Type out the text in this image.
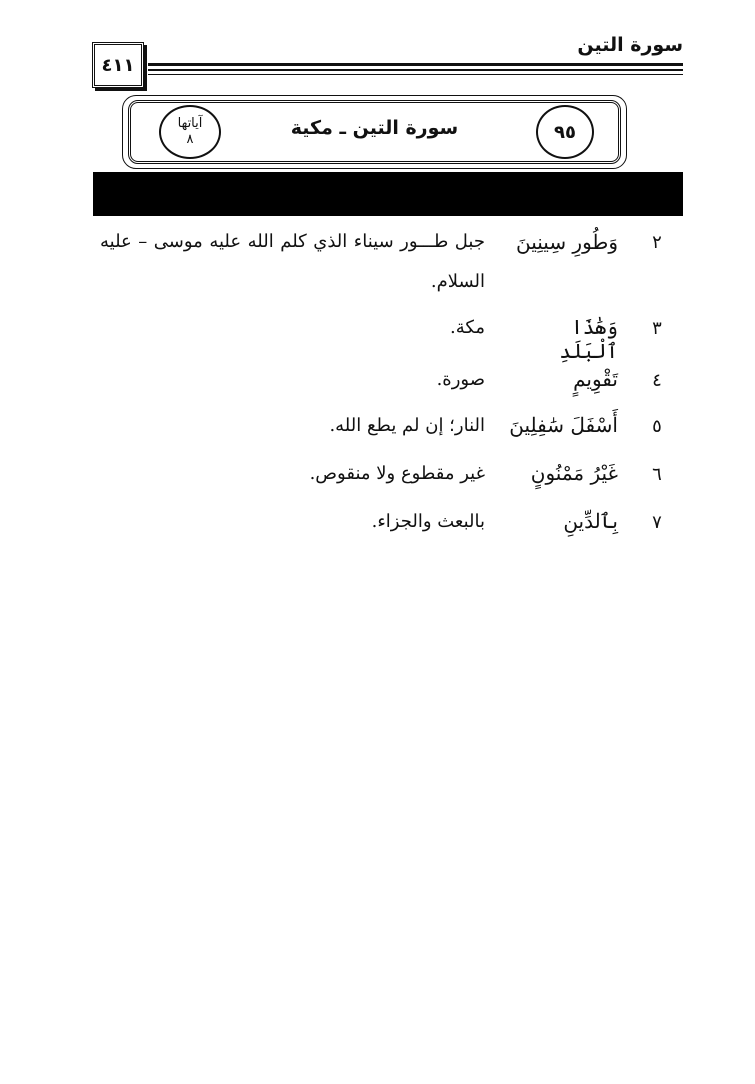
سورة التين
٤١١
٩٥
سورة التين ـ مكية
آياتها
٨
٢
وَطُورِ سِينِينَ
جبل طـــور سيناء الذي كلم الله عليه موسى – عليه السلام.
٣
وَهَٰذَا ٱلْبَلَدِ
مكة.
٤
تَقْوِيمٍ
صورة.
٥
أَسْفَلَ سَٰفِلِينَ
النار؛ إن لم يطع الله.
٦
غَيْرُ مَمْنُونٍ
غير مقطوع ولا منقوص.
٧
بِٱلدِّينِ
بالبعث والجزاء.
